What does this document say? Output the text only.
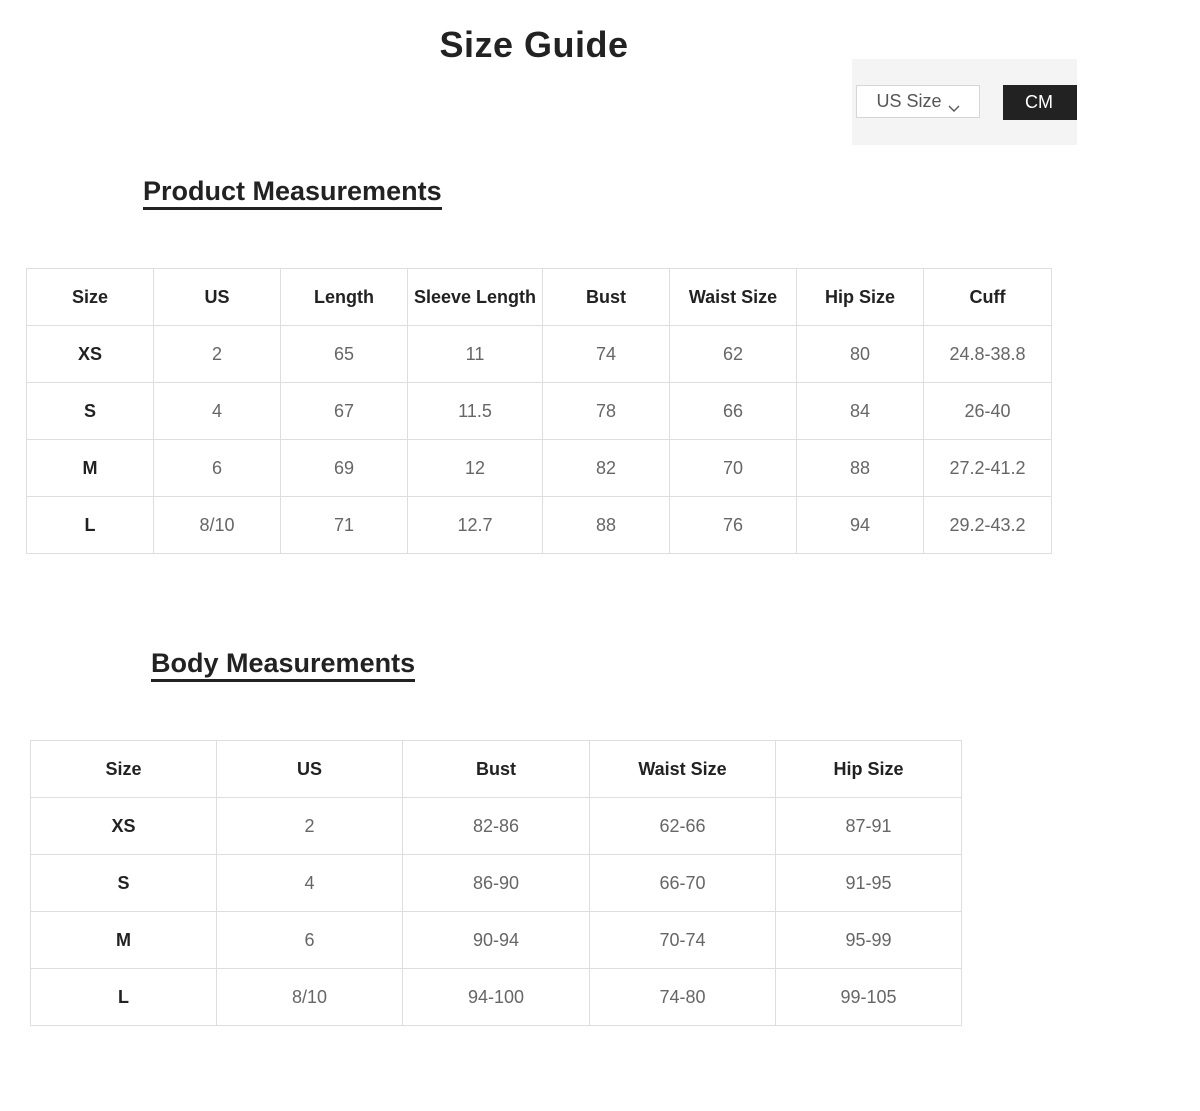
Size Guide
US Size	CM
Product Measurements
Size	US	Length	Sleeve Length	Bust	Waist Size	Hip Size	Cuff
XS	2	65	11	74	62	80	24.8-38.8
S	4	67	11.5	78	66	84	26-40
M	6	69	12	82	70	88	27.2-41.2
L	8/10	71	12.7	88	76	94	29.2-43.2
Body Measurements
Size	US	Bust	Waist Size	Hip Size
XS	2	82-86	62-66	87-91
S	4	86-90	66-70	91-95
M	6	90-94	70-74	95-99
L	8/10	94-100	74-80	99-105
